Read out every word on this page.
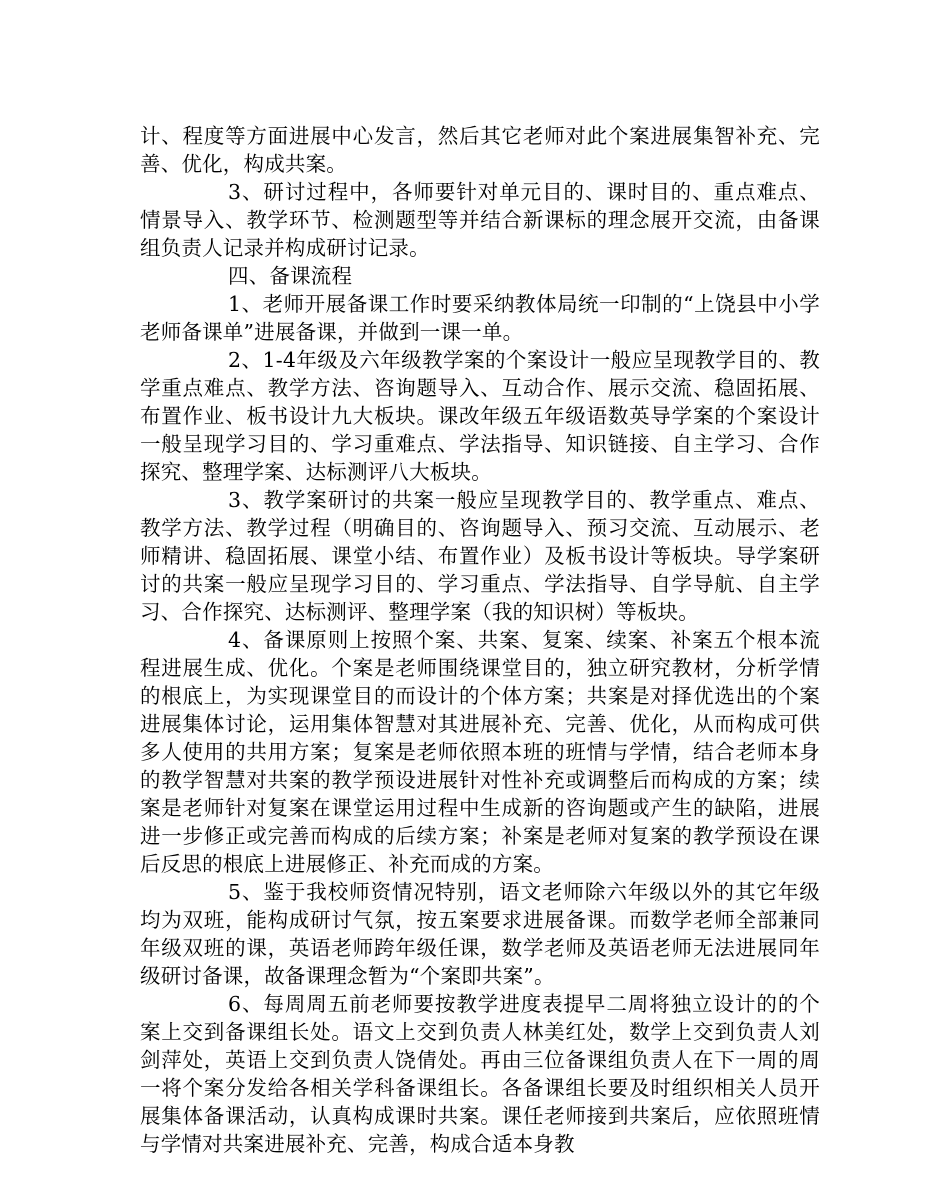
计、程度等方面进展中心发言，然后其它老师对此个案进展集智补充、完善、优化，构成共案。

3、研讨过程中，各师要针对单元目的、课时目的、重点难点、情景导入、教学环节、检测题型等并结合新课标的理念展开交流，由备课组负责人记录并构成研讨记录。

四、备课流程

1、老师开展备课工作时要采纳教体局统一印制的“上饶县中小学老师备课单”进展备课，并做到一课一单。

2、1-4年级及六年级教学案的个案设计一般应呈现教学目的、教学重点难点、教学方法、咨询题导入、互动合作、展示交流、稳固拓展、布置作业、板书设计九大板块。课改年级五年级语数英导学案的个案设计一般呈现学习目的、学习重难点、学法指导、知识链接、自主学习、合作探究、整理学案、达标测评八大板块。

3、教学案研讨的共案一般应呈现教学目的、教学重点、难点、教学方法、教学过程（明确目的、咨询题导入、预习交流、互动展示、老师精讲、稳固拓展、课堂小结、布置作业）及板书设计等板块。导学案研讨的共案一般应呈现学习目的、学习重点、学法指导、自学导航、自主学习、合作探究、达标测评、整理学案（我的知识树）等板块。

4、备课原则上按照个案、共案、复案、续案、补案五个根本流程进展生成、优化。个案是老师围绕课堂目的，独立研究教材，分析学情的根底上，为实现课堂目的而设计的个体方案；共案是对择优选出的个案进展集体讨论，运用集体智慧对其进展补充、完善、优化，从而构成可供多人使用的共用方案；复案是老师依照本班的班情与学情，结合老师本身的教学智慧对共案的教学预设进展针对性补充或调整后而构成的方案；续案是老师针对复案在课堂运用过程中生成新的咨询题或产生的缺陷，进展进一步修正或完善而构成的后续方案；补案是老师对复案的教学预设在课后反思的根底上进展修正、补充而成的方案。

5、鉴于我校师资情况特别，语文老师除六年级以外的其它年级均为双班，能构成研讨气氛，按五案要求进展备课。而数学老师全部兼同年级双班的课，英语老师跨年级任课，数学老师及英语老师无法进展同年级研讨备课，故备课理念暂为“个案即共案”。

6、每周周五前老师要按教学进度表提早二周将独立设计的的个案上交到备课组长处。语文上交到负责人林美红处，数学上交到负责人刘剑萍处，英语上交到负责人饶倩处。再由三位备课组负责人在下一周的周一将个案分发给各相关学科备课组长。各备课组长要及时组织相关人员开展集体备课活动，认真构成课时共案。课任老师接到共案后，应依照班情与学情对共案进展补充、完善，构成合适本身教
